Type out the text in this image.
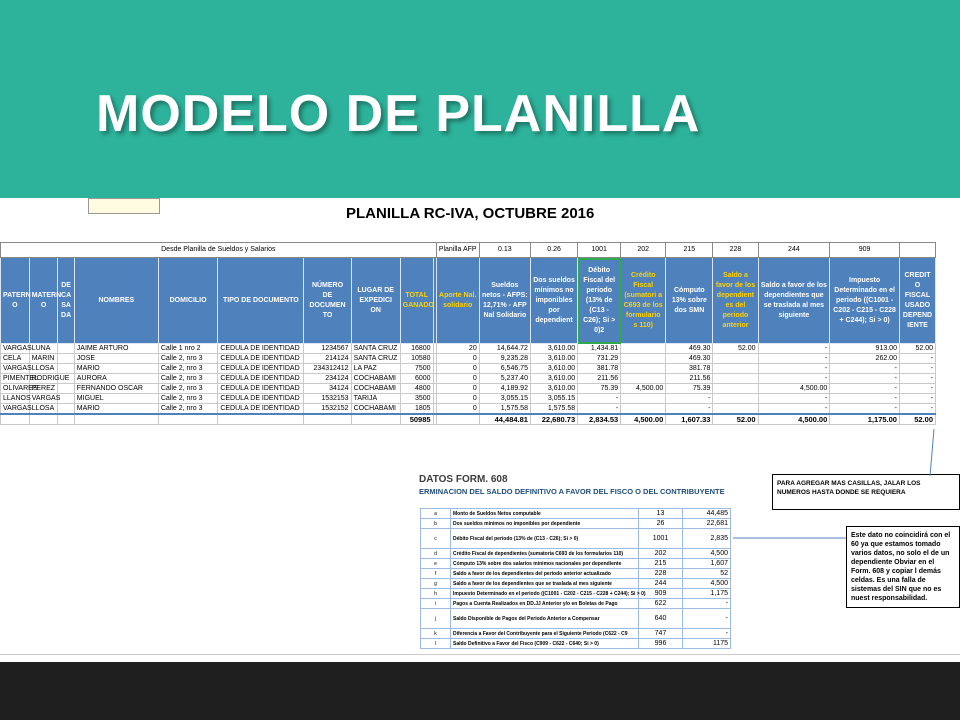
MODELO DE PLANILLA
PLANILLA RC-IVA, OCTUBRE 2016
Desde Planilla de Sueldos y Salarios										Planilla AFP	0.13	0.26	1001	202	215	228	244	909	
PATERN O	MATERN O	DE CA SA DA	NOMBRES	DOMICILIO	TIPO DE DOCUMENTO	NÚMERO DE DOCUMEN TO	LUGAR DE EXPEDICI ON	TOTAL GANADO		Aporte Nal. solidario	Sueldos netos - AFPS: 12,71% - AFP Nal Solidario	Dos sueldos mínimos no imponibles por dependient	Débito Fiscal del periodo (13% de (C13 - C26); Si > 0)2	Crédito Fiscal (sumatori a C693 de los formulario s 110)	Cómputo 13% sobre dos SMN	Saldo a favor de los dependient es del periodo anterior	Saldo a favor de los dependientes que se traslada al mes siguiente	Impuesto Determinado en el periodo ((C1001 - C202 - C215 - C228 + C244); Si > 0)	CREDIT O FISCAL USADO DEPEND IENTE
VARGAS	LUNA		JAIME ARTURO	Calle 1 nro 2	CEDULA DE IDENTIDAD	1234567	SANTA CRUZ	16800		20	14,644.72	3,610.00	1,434.81		469.30	52.00	-	913.00	52.00
CELA	MARIN		JOSE	Calle 2, nro 3	CEDULA DE IDENTIDAD	214124	SANTA CRUZ	10580		0	9,235.28	3,610.00	731.29		469.30		-	262.00	-
VARGAS	LLOSA		MARIO	Calle 2, nro 3	CEDULA DE IDENTIDAD	234312412	LA PAZ	7500		0	6,546.75	3,610.00	381.78		381.78		-	-	-
PIMENTEL	RODRIGUE		AURORA	Calle 2, nro 3	CEDULA DE IDENTIDAD	234124	COCHABAMI	6000		0	5,237.40	3,610.00	211.56		211.56		-	-	-
OLIVARES	PEREZ		FERNANDO OSCAR	Calle 2, nro 3	CEDULA DE IDENTIDAD	34124	COCHABAMI	4800		0	4,189.92	3,610.00	75.39	4,500.00	75.39		4,500.00	-	-
LLANOS	VARGAS		MIGUEL	Calle 2, nro 3	CEDULA DE IDENTIDAD	1532153	TARIJA	3500		0	3,055.15	3,055.15	-		-		-	-	-
VARGAS	LLOSA		MARIO	Calle 2, nro 3	CEDULA DE IDENTIDAD	1532152	COCHABAMI	1805		0	1,575.58	1,575.58	-		-		-	-	-
								50985			44,484.81	22,680.73	2,834.53	4,500.00	1,607.33	52.00	4,500.00	1,175.00	52.00
DATOS FORM. 608
ERMINACION DEL SALDO DEFINITIVO A FAVOR DEL FISCO O DEL CONTRIBUYENTE
a	Monto de Sueldos Netos computable	13	44,485
b	Dos sueldos mínimos no imponibles por dependiente	26	22,681
c	Débito Fiscal del periodo (13% de (C13 - C26); Si > 0)	1001	2,835
d	Crédito Fiscal de dependientes (sumatoria C693 de los formularios 110)	202	4,500
e	Cómputo 13% sobre dos salarios mínimos nacionales por dependiente	215	1,607
f	Saldo a favor de los dependientes del periodo anterior actualizado	228	52
g	Saldo a favor de los dependientes que se traslada al mes siguiente	244	4,500
h	Impuesto Determinado en el periodo ((C1001 - C202 - C215 - C228 + C244); Si > 0)	909	1,175
i	Pagos a Cuenta Realizados en DD.JJ Anterior y/o en Boletas de Pago	622	-
j	Saldo Disponible de Pagos del Periodo Anterior a Compensar	640	-
k	Diferencia a Favor del Contribuyente para el Siguiente Periodo (C622 - C9	747	-
l	Saldo Definitivo a Favor del Fisco (C909 - C622 - C640; Si > 0)	996	1175
PARA AGREGAR MAS CASILLAS, JALAR LOS NUMEROS HASTA DONDE SE REQUIERA
Este dato no coincidirá con el 60 ya que estamos tomado varios datos, no solo el de un dependiente Obviar en el Form. 608 y copiar l demás celdas. Es una falla de sistemas del SIN que no es nuest responsabilidad.
